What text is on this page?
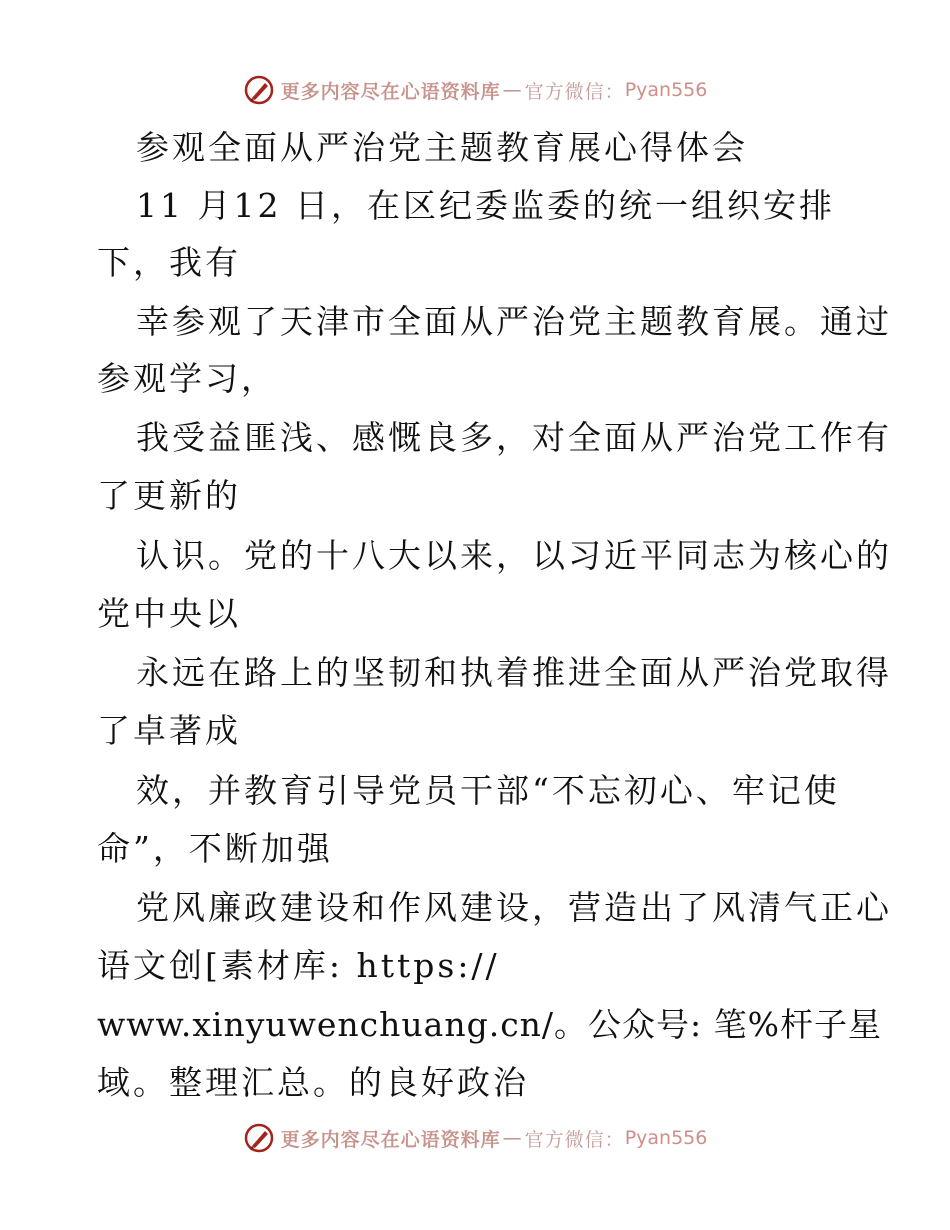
更多内容尽在心语资料库 — 官方微信： Pyan556
参观全面从严治党主题教育展心得体会
11 月12 日，在区纪委监委的统一组织安排
下，我有
幸参观了天津市全面从严治党主题教育展。通过
参观学习，
我受益匪浅、感慨良多，对全面从严治党工作有
了更新的
认识。党的十八大以来，以习近平同志为核心的
党中央以
永远在路上的坚韧和执着推进全面从严治党取得
了卓著成
效，并教育引导党员干部“不忘初心、牢记使
命”，不断加强
党风廉政建设和作风建设，营造出了风清气正心
语文创[素材库: https://
www.xinyuwenchuang.cn/。公众号: 笔%杆子星
域。整理汇总。的良好政治
更多内容尽在心语资料库 — 官方微信： Pyan556
